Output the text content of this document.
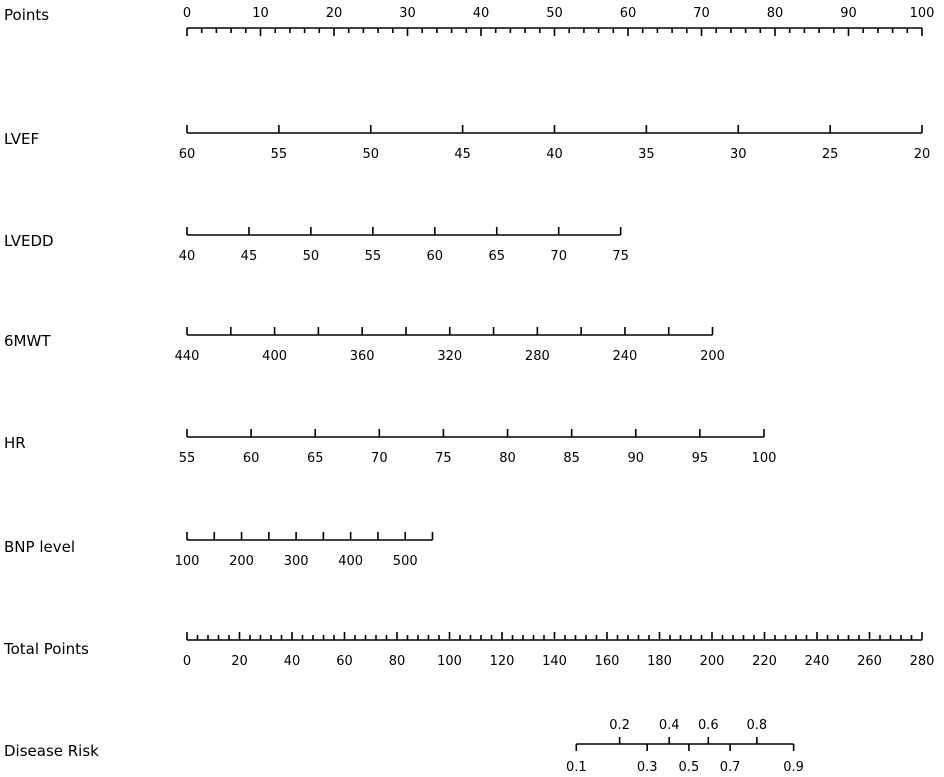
Points	0	10	20	30	40	50	60	70	80	90	100
LVEF
60	55	50	45	40	35	30	25	20
LVEDD
40	45	50	55	60	65	70	75
6MWT
440	400	360	320	280	240	200
HR
55	60	65	70	75	80	85	90	95	100
BNP level
100 200 300 400 500
Total Points
0	20	40	60	80 100 120 140 160 180 200 220 240 260 280
Disease Risk
0.1
0.2
0.3
0.4
0.5
0.6
0.7
0.8
0.9
